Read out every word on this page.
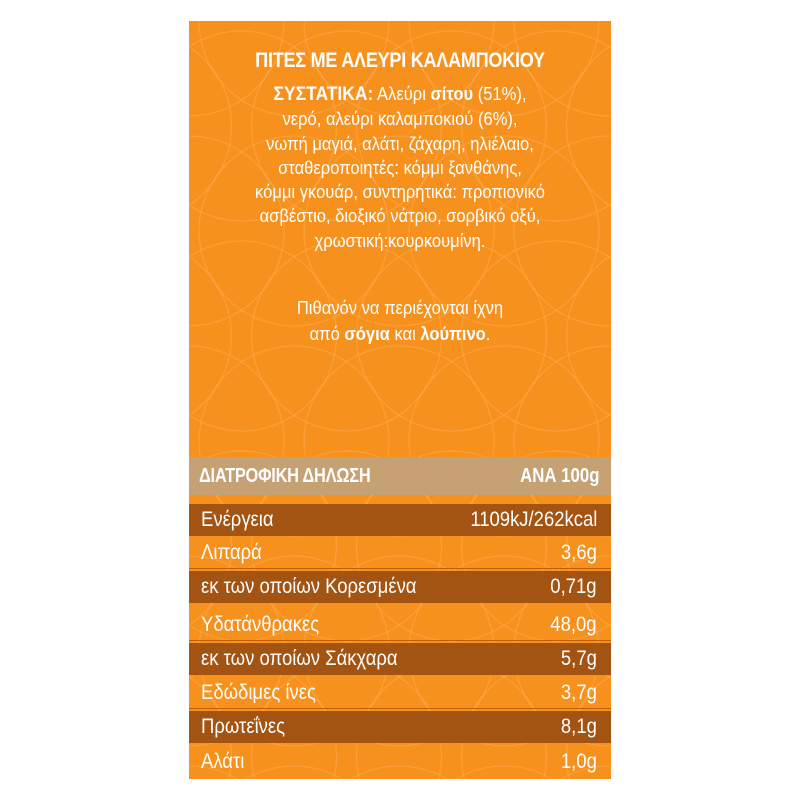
ΠΙΤΕΣ ΜΕ ΑΛΕΥΡΙ ΚΑΛΑΜΠΟΚΙΟΥ
ΣΥΣΤΑΤΙΚΑ: Αλεύρι σίτου (51%),
νερό, αλεύρι καλαμποκιού (6%),
νωπή μαγιά, αλάτι, ζάχαρη, ηλιέλαιο,
σταθεροποιητές: κόμμι ξανθάνης,
κόμμι γκουάρ, συντηρητικά: προπιονικό
ασβέστιο, διοξικό νάτριο, σορβικό οξύ,
χρωστική:κουρκουμίνη.
Πιθανόν να περιέχονται ίχνη
από σόγια και λούπινο.
ΔΙΑΤΡΟΦΙΚΗ ΔΗΛΩΣΗ	ΑΝΑ 100g
Ενέργεια	1109kJ/262kcal
Λιπαρά	3,6g
εκ των οποίων Κορεσμένα	0,71g
Υδατάνθρακες	48,0g
εκ των οποίων Σάκχαρα	5,7g
Εδώδιμες ίνες	3,7g
Πρωτεΐνες	8,1g
Αλάτι	1,0g
